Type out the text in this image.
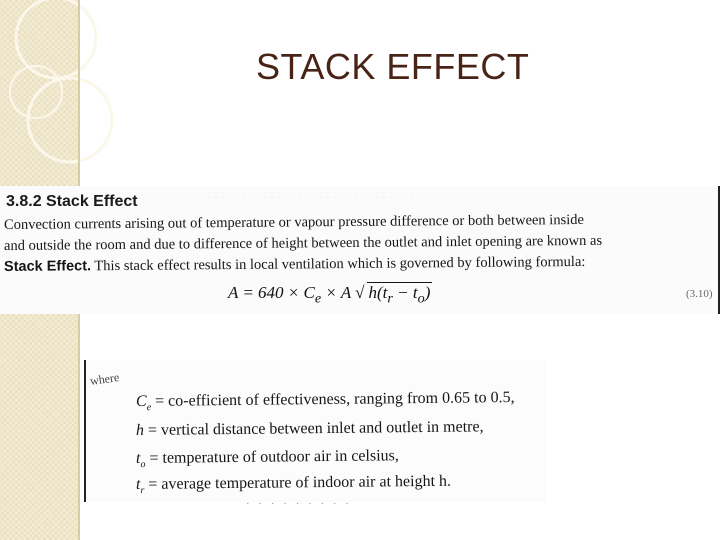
STACK EFFECT
· · · · · · · · · · · · · · · · · · · · · · · · · · · · · · · ·
3.8.2 Stack Effect
Convection currents arising out of temperature or vapour pressure difference or both between inside
and outside the room and due to difference of height between the outlet and inlet opening are known as
Stack Effect. This stack effect results in local ventilation which is governed by following formula:
$A = 640 \times C_e \times A$ √ $h(t_r - t_o)$	(3.10)
where
$C_e$ = co-efficient of effectiveness, ranging from 0.65 to 0.5,
h = vertical distance between inlet and outlet in metre,
$t_o$ = temperature of outdoor air in celsius,
$t_r$ = average temperature of indoor air at height h.
· · · · · · · · ·
